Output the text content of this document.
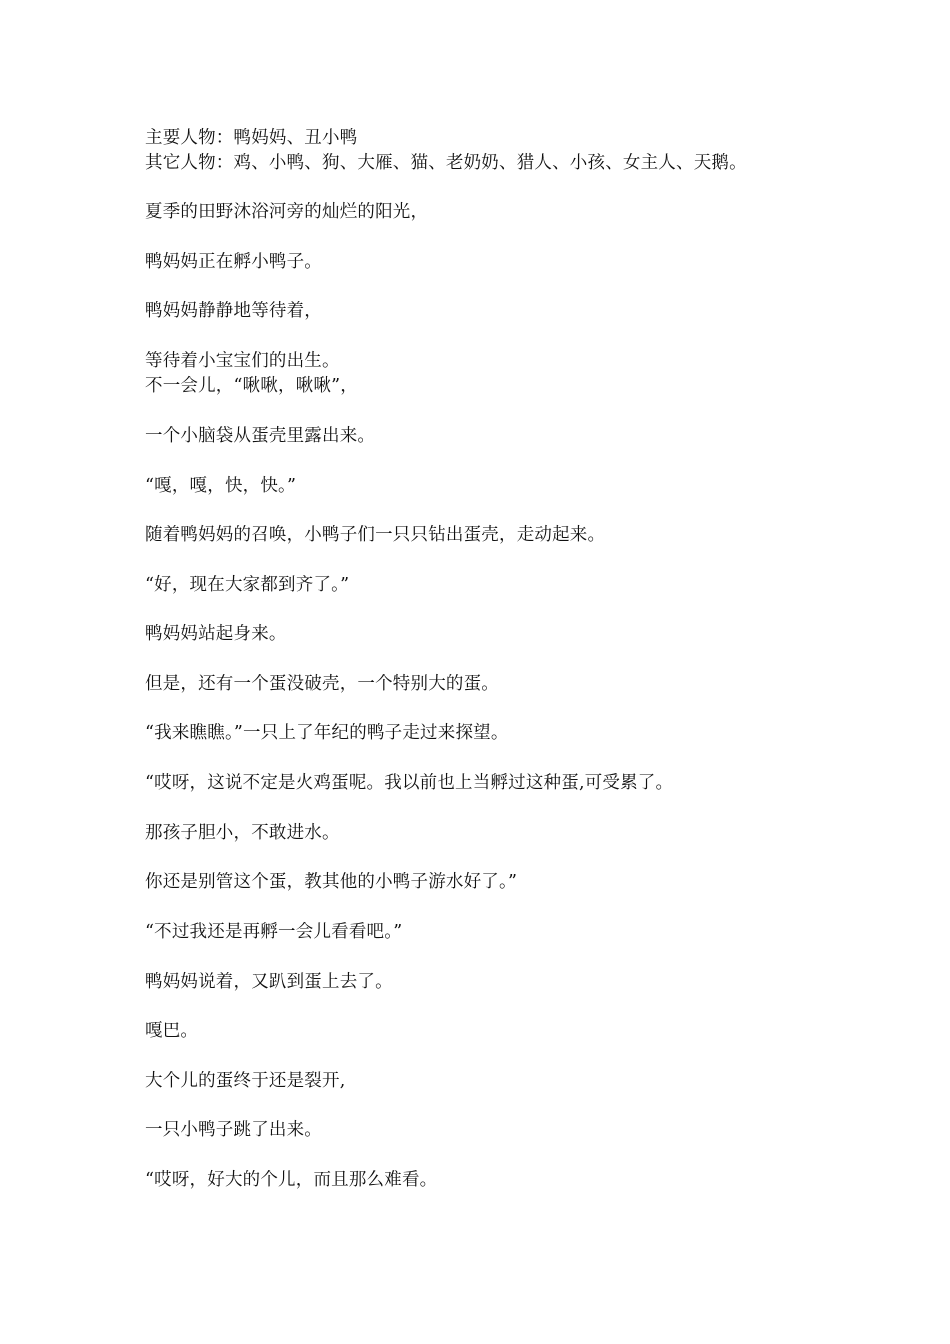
主要人物：鸭妈妈、丑小鸭

其它人物：鸡、小鸭、狗、大雁、猫、老奶奶、猎人、小孩、女主人、天鹅。

夏季的田野沐浴河旁的灿烂的阳光，

鸭妈妈正在孵小鸭子。

鸭妈妈静静地等待着，

等待着小宝宝们的出生。

不一会儿，“啾啾，啾啾”，

一个小脑袋从蛋壳里露出来。

“嘎，嘎，快，快。”

随着鸭妈妈的召唤，小鸭子们一只只钻出蛋壳，走动起来。

“好，现在大家都到齐了。”

鸭妈妈站起身来。

但是，还有一个蛋没破壳，一个特别大的蛋。

“我来瞧瞧。”一只上了年纪的鸭子走过来探望。

“哎呀，这说不定是火鸡蛋呢。我以前也上当孵过这种蛋,可受累了。

那孩子胆小，不敢进水。

你还是别管这个蛋，教其他的小鸭子游水好了。”

“不过我还是再孵一会儿看看吧。”

鸭妈妈说着，又趴到蛋上去了。

嘎巴。

大个儿的蛋终于还是裂开,

一只小鸭子跳了出来。

“哎呀，好大的个儿，而且那么难看。
